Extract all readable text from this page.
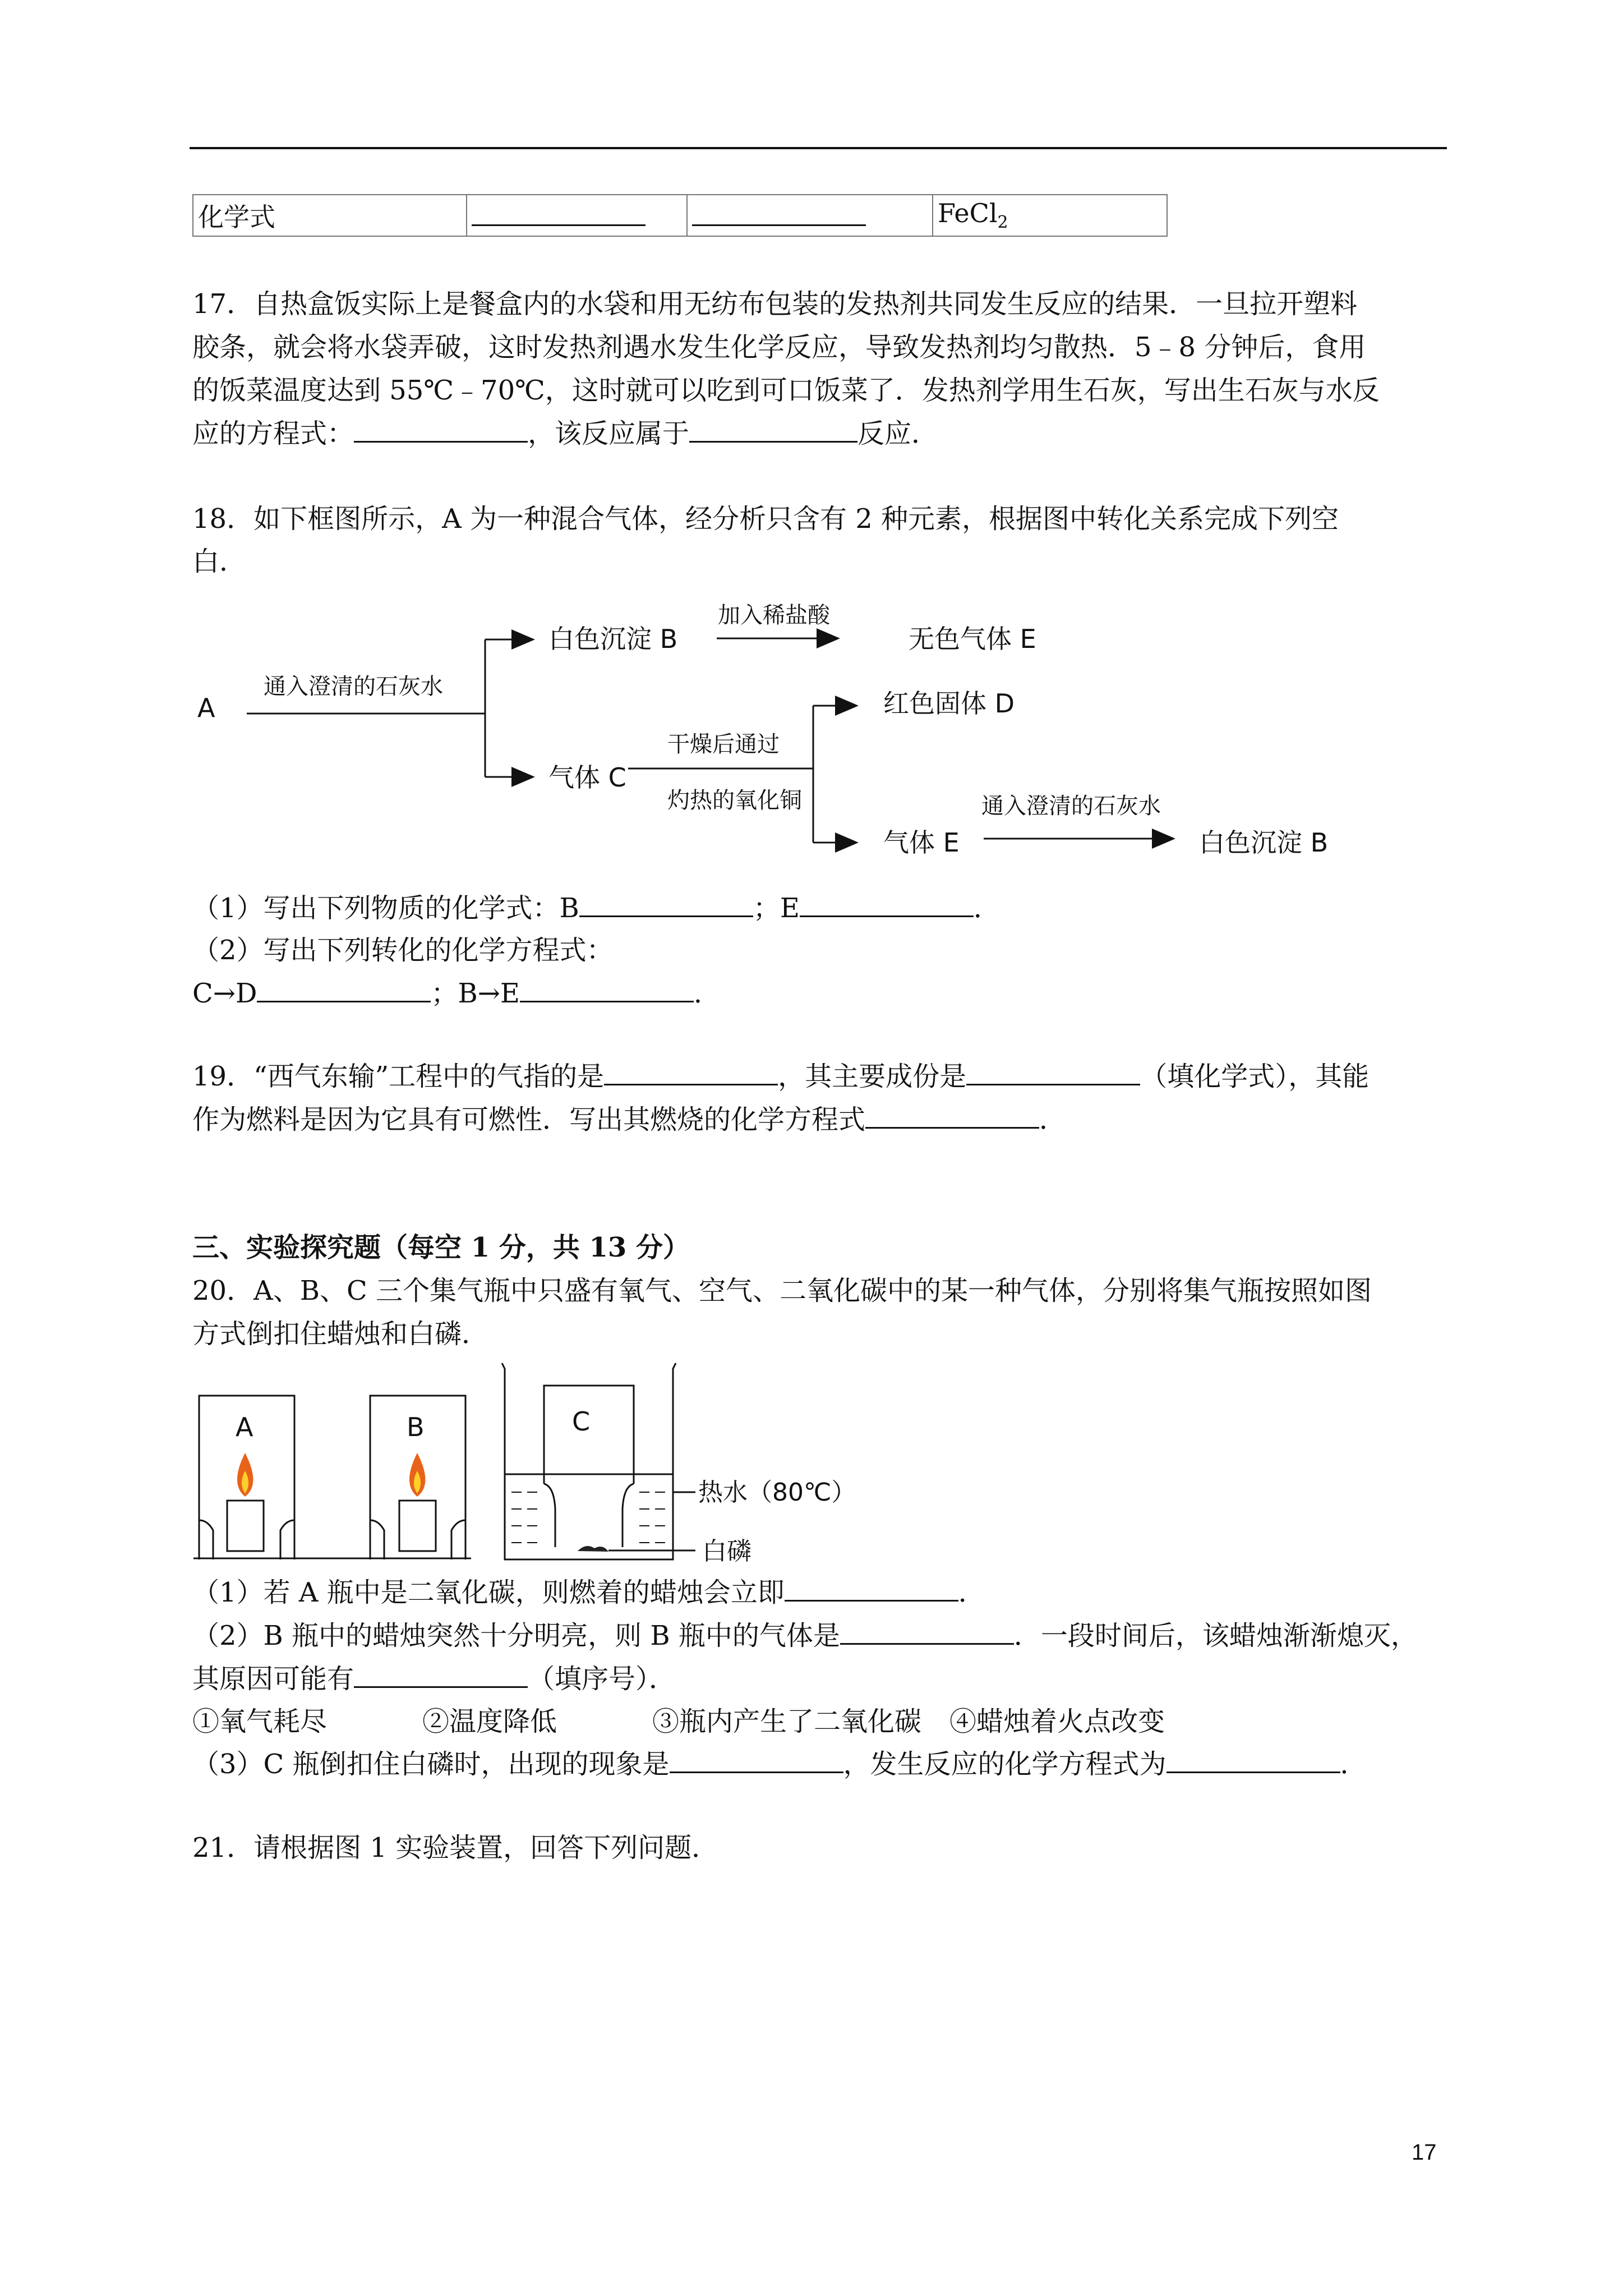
化学式			FeCl$_2$
17．自热盒饭实际上是餐盒内的水袋和用无纺布包装的发热剂共同发生反应的结果．一旦拉开塑料
胶条，就会将水袋弄破，这时发热剂遇水发生化学反应，导致发热剂均匀散热．5﹣8 分钟后，食用
的饭菜温度达到 55℃﹣70℃，这时就可以吃到可口饭菜了．发热剂学用生石灰，写出生石灰与水反
应的方程式：	，该反应属于	反应．
18．如下框图所示，A 为一种混合气体，经分析只含有 2 种元素，根据图中转化关系完成下列空
白．
A
通入澄清的石灰水
白色沉淀 B
加入稀盐酸
无色气体 E
气体 C
干燥后通过
灼热的氧化铜
红色固体 D
气体 E
通入澄清的石灰水
白色沉淀 B
（1）写出下列物质的化学式：B	；E	．
（2）写出下列转化的化学方程式：
C→D	；B→E	．
19．“西气东输”工程中的气指的是	，其主要成份是	（填化学式），其能
作为燃料是因为它具有可燃性．写出其燃烧的化学方程式	．
三、实验探究题（每空 1 分，共 13 分）
20．A、B、C 三个集气瓶中只盛有氧气、空气、二氧化碳中的某一种气体，分别将集气瓶按照如图
方式倒扣住蜡烛和白磷．
A	B	C
热水（80℃）
白磷
（1）若 A 瓶中是二氧化碳，则燃着的蜡烛会立即	．
（2）B 瓶中的蜡烛突然十分明亮，则 B 瓶中的气体是	．一段时间后，该蜡烛渐渐熄灭，
其原因可能有	（填序号）．
①氧气耗尽	②温度降低	③瓶内产生了二氧化碳 ④蜡烛着火点改变
（3）C 瓶倒扣住白磷时，出现的现象是	，发生反应的化学方程式为	．
21．请根据图 1 实验装置，回答下列问题．
17
